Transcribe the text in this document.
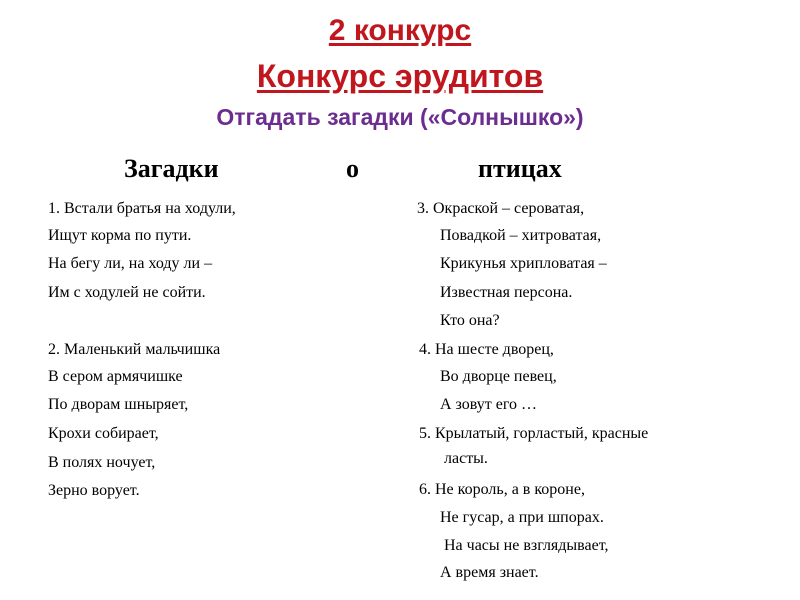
2 конкурс
Конкурс эрудитов
Отгадать загадки («Солнышко»)
Загадки	о	птицах
1. Встали братья на ходули,
Ищут корма по пути.
На бегу ли, на ходу ли –
Им с ходулей не сойти.
2. Маленький мальчишка
В сером армячишке
По дворам шныряет,
Крохи собирает,
В полях ночует,
Зерно ворует.
3. Окраской – сероватая,
Повадкой – хитроватая,
Крикунья хрипловатая –
Известная персона.
Кто она?
4. На шесте дворец,
Во дворце певец,
А зовут его …
5. Крылатый, горластый, красные
ласты.
6. Не король, а в короне,
Не гусар, а при шпорах.
На часы не взглядывает,
А время знает.
